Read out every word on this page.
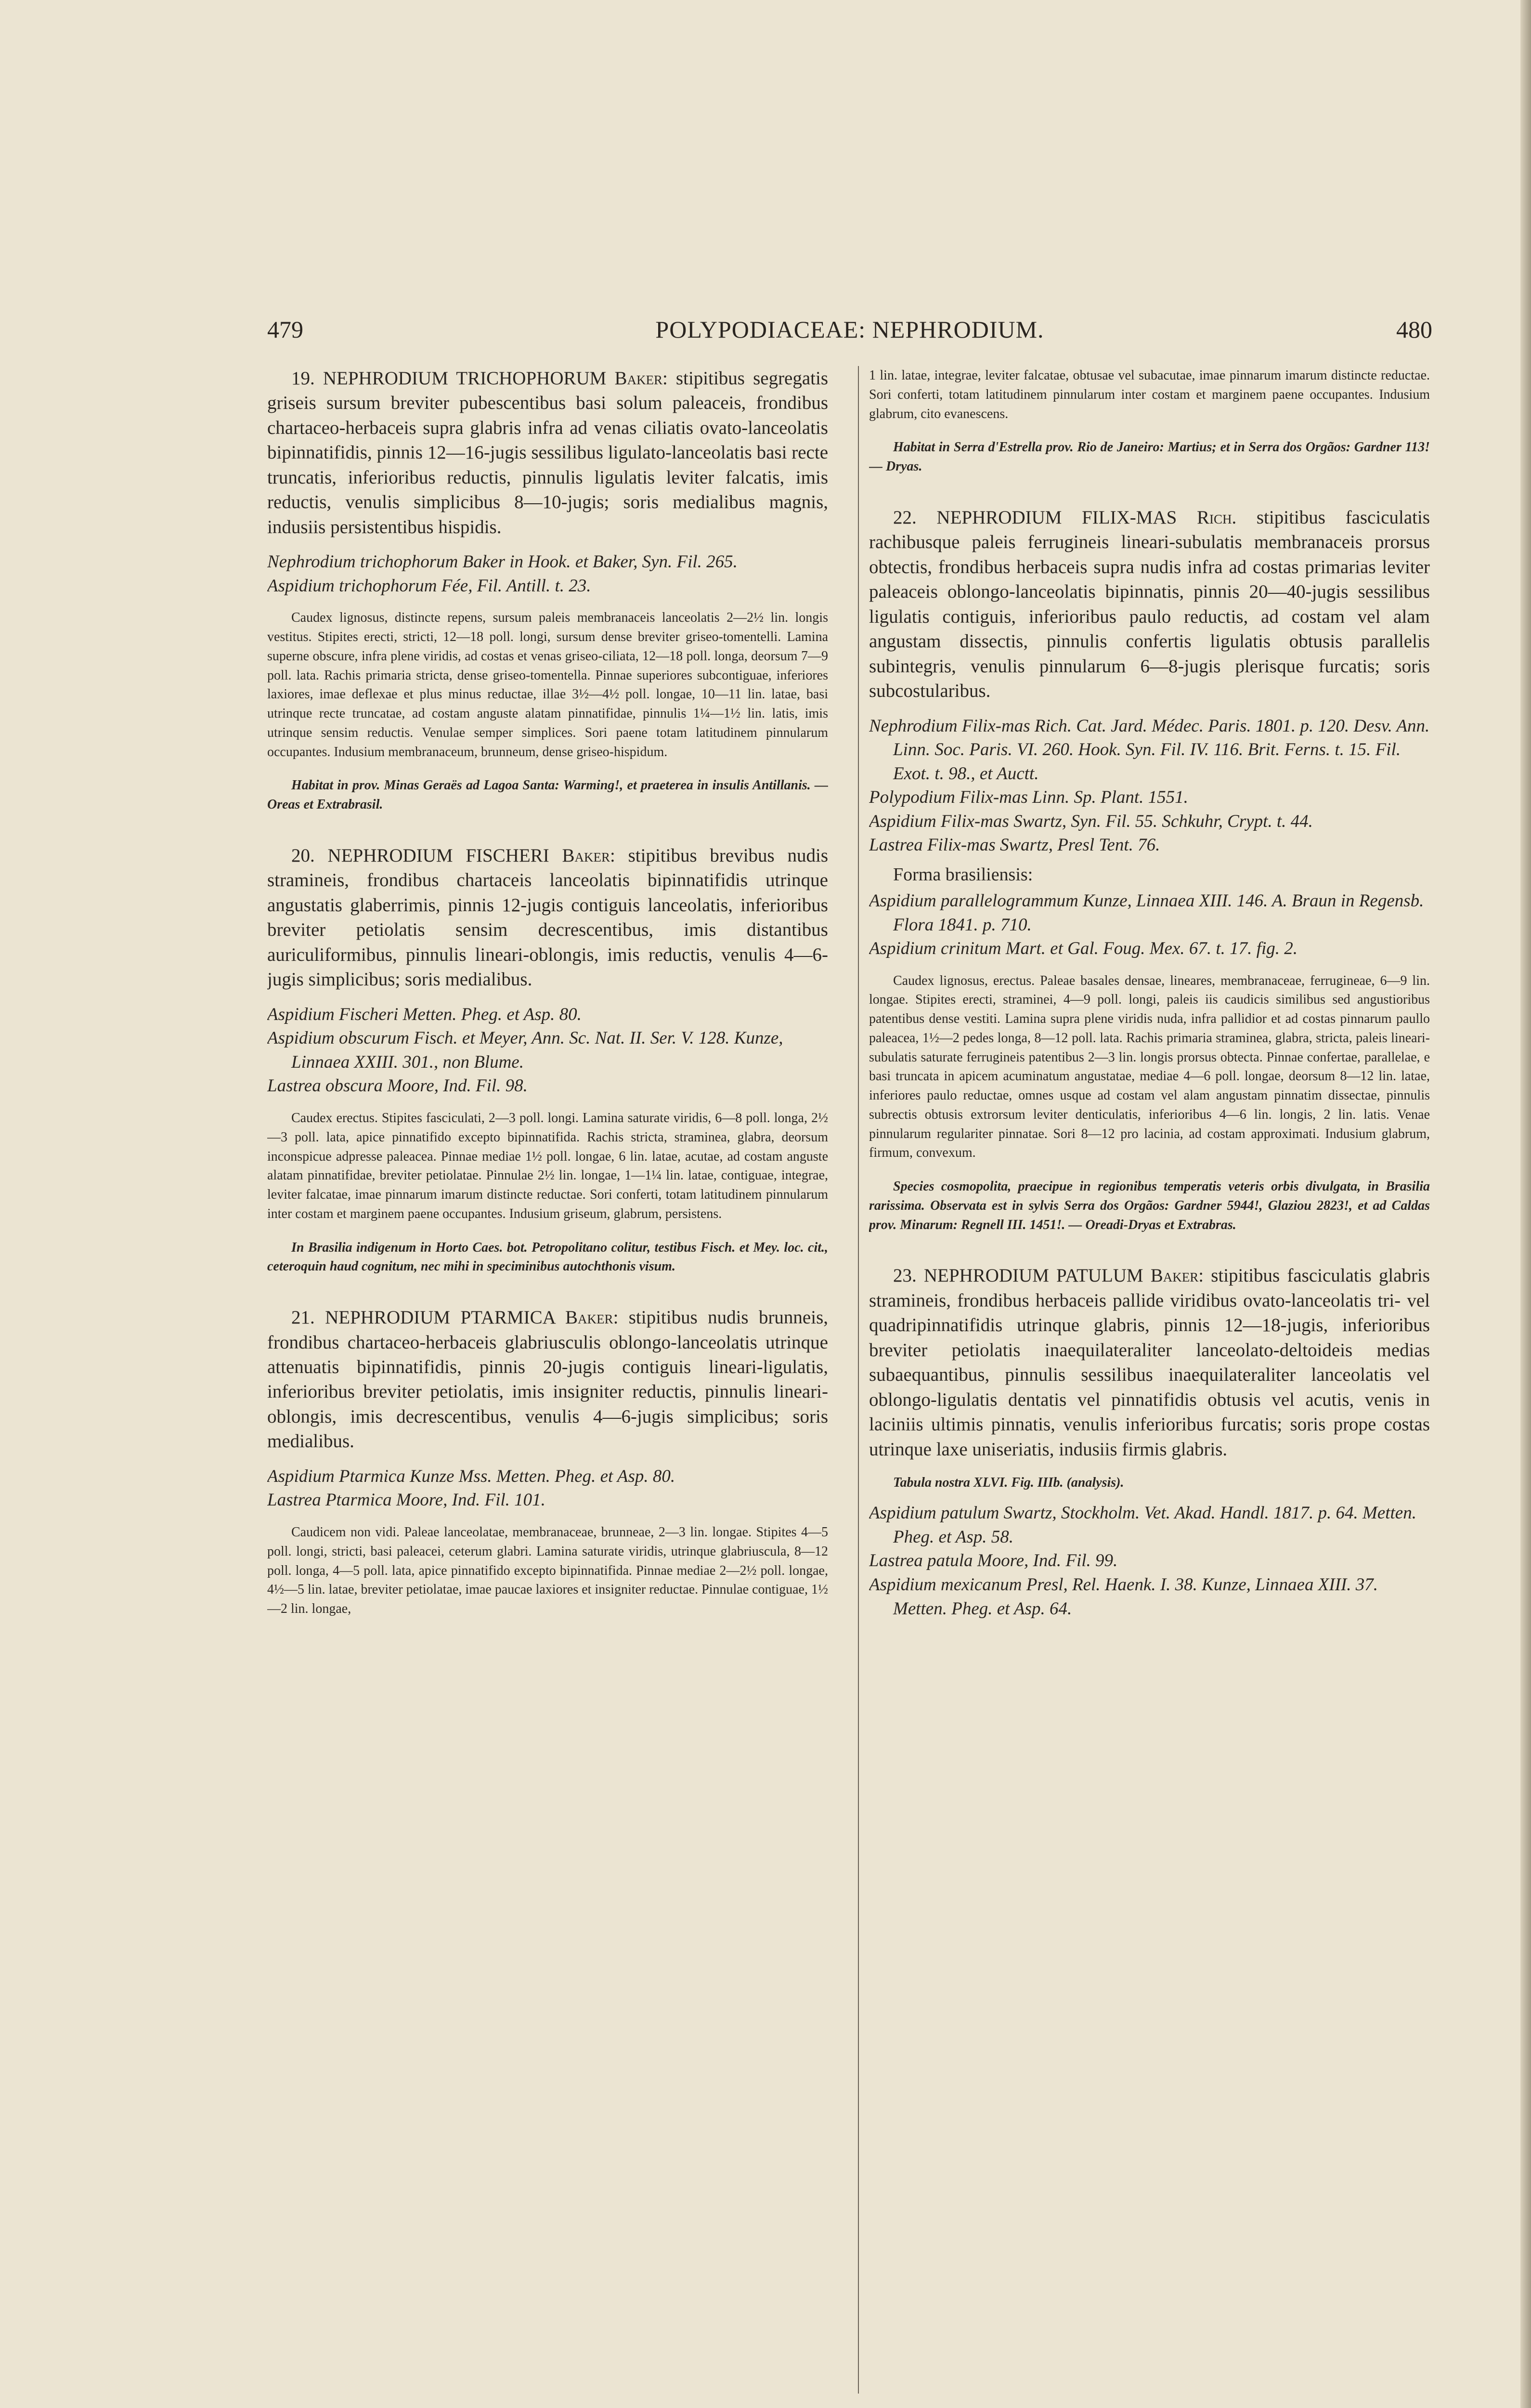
479	POLYPODIACEAE: NEPHRODIUM.	480

19. NEPHRODIUM TRICHOPHORUM Baker: stipitibus segregatis griseis sursum breviter pubescentibus basi solum paleaceis, frondibus chartaceo-herbaceis supra glabris infra ad venas ciliatis ovato-lanceolatis bipinnatifidis, pinnis 12—16-jugis sessilibus ligulato-lanceolatis basi recte truncatis, inferioribus reductis, pinnulis ligulatis leviter falcatis, imis reductis, venulis simplicibus 8—10-jugis; soris medialibus magnis, indusiis persistentibus hispidis.

Nephrodium trichophorum Baker in Hook. et Baker, Syn. Fil. 265.

Aspidium trichophorum Fée, Fil. Antill. t. 23.

Caudex lignosus, distincte repens, sursum paleis membranaceis lanceolatis 2—2½ lin. longis vestitus. Stipites erecti, stricti, 12—18 poll. longi, sursum dense breviter griseo-tomentelli. Lamina superne obscure, infra plene viridis, ad costas et venas griseo-ciliata, 12—18 poll. longa, deorsum 7—9 poll. lata. Rachis primaria stricta, dense griseo-tomentella. Pinnae superiores subcontiguae, inferiores laxiores, imae deflexae et plus minus reductae, illae 3½—4½ poll. longae, 10—11 lin. latae, basi utrinque recte truncatae, ad costam anguste alatam pinnatifidae, pinnulis 1¼—1½ lin. latis, imis utrinque sensim reductis. Venulae semper simplices. Sori paene totam latitudinem pinnularum occupantes. Indusium membranaceum, brunneum, dense griseo-hispidum.

Habitat in prov. Minas Geraës ad Lagoa Santa: Warming!, et praeterea in insulis Antillanis. — Oreas et Extrabrasil.

20. NEPHRODIUM FISCHERI Baker: stipitibus brevibus nudis stramineis, frondibus chartaceis lanceolatis bipinnatifidis utrinque angustatis glaberrimis, pinnis 12-jugis contiguis lanceolatis, inferioribus breviter petiolatis sensim decrescentibus, imis distantibus auriculiformibus, pinnulis lineari-oblongis, imis reductis, venulis 4—6-jugis simplicibus; soris medialibus.

Aspidium Fischeri Metten. Pheg. et Asp. 80.

Aspidium obscurum Fisch. et Meyer, Ann. Sc. Nat. II. Ser. V. 128. Kunze, Linnaea XXIII. 301., non Blume.

Lastrea obscura Moore, Ind. Fil. 98.

Caudex erectus. Stipites fasciculati, 2—3 poll. longi. Lamina saturate viridis, 6—8 poll. longa, 2½—3 poll. lata, apice pinnatifido excepto bipinnatifida. Rachis stricta, straminea, glabra, deorsum inconspicue adpresse paleacea. Pinnae mediae 1½ poll. longae, 6 lin. latae, acutae, ad costam anguste alatam pinnatifidae, breviter petiolatae. Pinnulae 2½ lin. longae, 1—1¼ lin. latae, contiguae, integrae, leviter falcatae, imae pinnarum imarum distincte reductae. Sori conferti, totam latitudinem pinnularum inter costam et marginem paene occupantes. Indusium griseum, glabrum, persistens.

In Brasilia indigenum in Horto Caes. bot. Petropolitano colitur, testibus Fisch. et Mey. loc. cit., ceteroquin haud cognitum, nec mihi in speciminibus autochthonis visum.

21. NEPHRODIUM PTARMICA Baker: stipitibus nudis brunneis, frondibus chartaceo-herbaceis glabriusculis oblongo-lanceolatis utrinque attenuatis bipinnatifidis, pinnis 20-jugis contiguis lineari-ligulatis, inferioribus breviter petiolatis, imis insigniter reductis, pinnulis lineari-oblongis, imis decrescentibus, venulis 4—6-jugis simplicibus; soris medialibus.

Aspidium Ptarmica Kunze Mss. Metten. Pheg. et Asp. 80.

Lastrea Ptarmica Moore, Ind. Fil. 101.

Caudicem non vidi. Paleae lanceolatae, membranaceae, brunneae, 2—3 lin. longae. Stipites 4—5 poll. longi, stricti, basi paleacei, ceterum glabri. Lamina saturate viridis, utrinque glabriuscula, 8—12 poll. longa, 4—5 poll. lata, apice pinnatifido excepto bipinnatifida. Pinnae mediae 2—2½ poll. longae, 4½—5 lin. latae, breviter petiolatae, imae paucae laxiores et insigniter reductae. Pinnulae contiguae, 1½—2 lin. longae,

1 lin. latae, integrae, leviter falcatae, obtusae vel subacutae, imae pinnarum imarum distincte reductae. Sori conferti, totam latitudinem pinnularum inter costam et marginem paene occupantes. Indusium glabrum, cito evanescens.

Habitat in Serra d'Estrella prov. Rio de Janeiro: Martius; et in Serra dos Orgãos: Gardner 113! — Dryas.

22. NEPHRODIUM FILIX-MAS Rich. stipitibus fasciculatis rachibusque paleis ferrugineis lineari-subulatis membranaceis prorsus obtectis, frondibus herbaceis supra nudis infra ad costas primarias leviter paleaceis oblongo-lanceolatis bipinnatis, pinnis 20—40-jugis sessilibus ligulatis contiguis, inferioribus paulo reductis, ad costam vel alam angustam dissectis, pinnulis confertis ligulatis obtusis parallelis subintegris, venulis pinnularum 6—8-jugis plerisque furcatis; soris subcostularibus.

Nephrodium Filix-mas Rich. Cat. Jard. Médec. Paris. 1801. p. 120. Desv. Ann. Linn. Soc. Paris. VI. 260. Hook. Syn. Fil. IV. 116. Brit. Ferns. t. 15. Fil. Exot. t. 98., et Auctt.

Polypodium Filix-mas Linn. Sp. Plant. 1551.

Aspidium Filix-mas Swartz, Syn. Fil. 55. Schkuhr, Crypt. t. 44.

Lastrea Filix-mas Swartz, Presl Tent. 76.

Forma brasiliensis:

Aspidium parallelogrammum Kunze, Linnaea XIII. 146. A. Braun in Regensb. Flora 1841. p. 710.

Aspidium crinitum Mart. et Gal. Foug. Mex. 67. t. 17. fig. 2.

Caudex lignosus, erectus. Paleae basales densae, lineares, membranaceae, ferrugineae, 6—9 lin. longae. Stipites erecti, straminei, 4—9 poll. longi, paleis iis caudicis similibus sed angustioribus patentibus dense vestiti. Lamina supra plene viridis nuda, infra pallidior et ad costas pinnarum paullo paleacea, 1½—2 pedes longa, 8—12 poll. lata. Rachis primaria straminea, glabra, stricta, paleis lineari-subulatis saturate ferrugineis patentibus 2—3 lin. longis prorsus obtecta. Pinnae confertae, parallelae, e basi truncata in apicem acuminatum angustatae, mediae 4—6 poll. longae, deorsum 8—12 lin. latae, inferiores paulo reductae, omnes usque ad costam vel alam angustam pinnatim dissectae, pinnulis subrectis obtusis extrorsum leviter denticulatis, inferioribus 4—6 lin. longis, 2 lin. latis. Venae pinnularum regulariter pinnatae. Sori 8—12 pro lacinia, ad costam approximati. Indusium glabrum, firmum, convexum.

Species cosmopolita, praecipue in regionibus temperatis veteris orbis divulgata, in Brasilia rarissima. Observata est in sylvis Serra dos Orgãos: Gardner 5944!, Glaziou 2823!, et ad Caldas prov. Minarum: Regnell III. 1451!. — Oreadi-Dryas et Extrabras.

23. NEPHRODIUM PATULUM Baker: stipitibus fasciculatis glabris stramineis, frondibus herbaceis pallide viridibus ovato-lanceolatis tri- vel quadripinnatifidis utrinque glabris, pinnis 12—18-jugis, inferioribus breviter petiolatis inaequilateraliter lanceolato-deltoideis medias subaequantibus, pinnulis sessilibus inaequilateraliter lanceolatis vel oblongo-ligulatis dentatis vel pinnatifidis obtusis vel acutis, venis in laciniis ultimis pinnatis, venulis inferioribus furcatis; soris prope costas utrinque laxe uniseriatis, indusiis firmis glabris.

Tabula nostra XLVI. Fig. IIIb. (analysis).

Aspidium patulum Swartz, Stockholm. Vet. Akad. Handl. 1817. p. 64. Metten. Pheg. et Asp. 58.

Lastrea patula Moore, Ind. Fil. 99.

Aspidium mexicanum Presl, Rel. Haenk. I. 38. Kunze, Linnaea XIII. 37. Metten. Pheg. et Asp. 64.
